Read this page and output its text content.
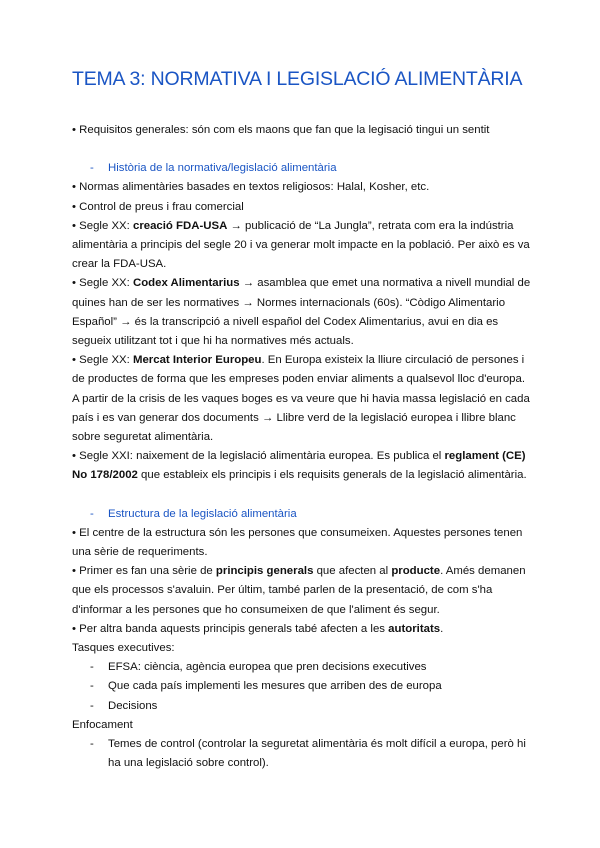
TEMA 3: NORMATIVA I LEGISLACIÓ ALIMENTÀRIA

• Requisitos generales: són com els maons que fan que la legisació tingui un sentit

-	Història de la normativa/legislació alimentària

• Normas alimentàries basades en textos religiosos: Halal, Kosher, etc.

• Control de preus i frau comercial

• Segle XX: creació FDA-USA → publicació de “La Jungla”, retrata com era la indústria alimentària a principis del segle 20 i va generar molt impacte en la població. Per això es va crear la FDA-USA.

• Segle XX: Codex Alimentarius → asamblea que emet una normativa a nivell mundial de quines han de ser les normatives → Normes internacionals (60s). “Còdigo Alimentario Español” → és la transcripció a nivell español del Codex Alimentarius, avui en dia es segueix utilitzant tot i que hi ha normatives més actuals.

• Segle XX: Mercat Interior Europeu. En Europa existeix la lliure circulació de persones i de productes de forma que les empreses poden enviar aliments a qualsevol lloc d'europa. A partir de la crisis de les vaques boges es va veure que hi havia massa legislació en cada país i es van generar dos documents → Llibre verd de la legislació europea i llibre blanc sobre seguretat alimentària.

• Segle XXI: naixement de la legislació alimentària europea. Es publica el reglament (CE) No 178/2002 que estableix els principis i els requisits generals de la legislació alimentària.

-	Estructura de la legislació alimentària

• El centre de la estructura són les persones que consumeixen. Aquestes persones tenen una sèrie de requeriments.

• Primer es fan una sèrie de principis generals que afecten al producte. Amés demanen que els processos s'avaluin. Per últim, també parlen de la presentació, de com s'ha d'informar a les persones que ho consumeixen de que l'aliment és segur.

• Per altra banda aquests principis generals tabé afecten a les autoritats.

Tasques executives:

-	EFSA: ciència, agència europea que pren decisions executives
-	Que cada país implementi les mesures que arriben des de europa
-	Decisions

Enfocament

-	Temes de control (controlar la seguretat alimentària és molt difícil a europa, però hi ha una legislació sobre control).
